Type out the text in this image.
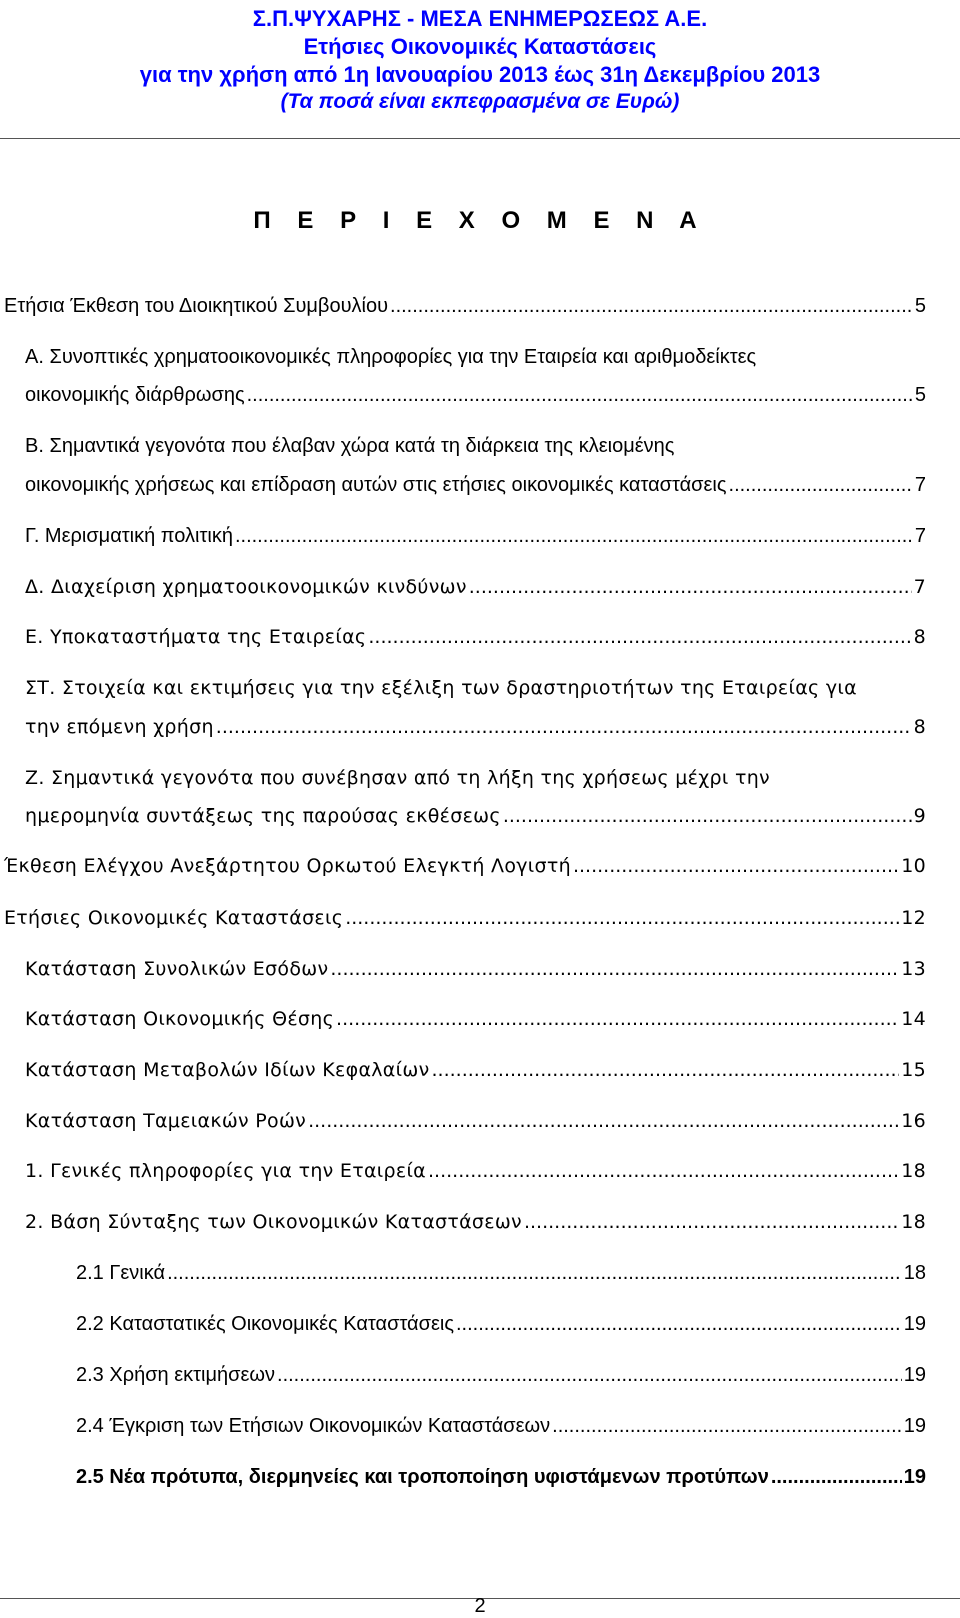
Σ.Π.ΨΥΧΑΡΗΣ - ΜΕΣΑ ΕΝΗΜΕΡΩΣΕΩΣ Α.Ε.
Ετήσιες Οικονομικές Καταστάσεις
για την χρήση από 1η Ιανουαρίου 2013 έως 31η Δεκεμβρίου 2013
(Τα ποσά είναι εκπεφρασμένα σε Ευρώ)
Π Ε Ρ Ι Ε Χ Ο Μ Ε Ν Α
Ετήσια Έκθεση του Διοικητικού Συμβουλίου .....	5
Α. Συνοπτικές χρηματοοικονομικές πληροφορίες για την Εταιρεία και αριθμοδείκτες
οικονομικής διάρθρωσης .....	5
Β. Σημαντικά γεγονότα που έλαβαν χώρα κατά τη διάρκεια της κλειομένης
οικονομικής χρήσεως και επίδραση αυτών στις ετήσιες οικονομικές καταστάσεις .....	7
Γ. Μερισματική πολιτική .....	7
Δ. Διαχείριση χρηματοοικονομικών κινδύνων .....	7
Ε. Υποκαταστήματα της Εταιρείας .....	8
ΣΤ. Στοιχεία και εκτιμήσεις για την εξέλιξη των δραστηριοτήτων της Εταιρείας για
την επόμενη χρήση .....	8
Ζ. Σημαντικά γεγονότα που συνέβησαν από τη λήξη της χρήσεως μέχρι την
ημερομηνία συντάξεως της παρούσας εκθέσεως .....	9
Έκθεση Ελέγχου Ανεξάρτητου Ορκωτού Ελεγκτή Λογιστή .....	10
Ετήσιες Οικονομικές Καταστάσεις .....	12
Κατάσταση Συνολικών Εσόδων .....	13
Κατάσταση Οικονομικής Θέσης .....	14
Κατάσταση Μεταβολών Ιδίων Κεφαλαίων .....	15
Κατάσταση Ταμειακών Ροών .....	16
1. Γενικές πληροφορίες για την Εταιρεία .....	18
2. Βάση Σύνταξης των Οικονομικών Καταστάσεων .....	18
2.1 Γενικά .....	18
2.2 Καταστατικές Οικονομικές Καταστάσεις .....	19
2.3 Χρήση εκτιμήσεων .....	19
2.4 Έγκριση των Ετήσιων Οικονομικών Καταστάσεων .....	19
2.5 Νέα πρότυπα, διερμηνείες και τροποποίηση υφιστάμενων προτύπων .....	19
2
